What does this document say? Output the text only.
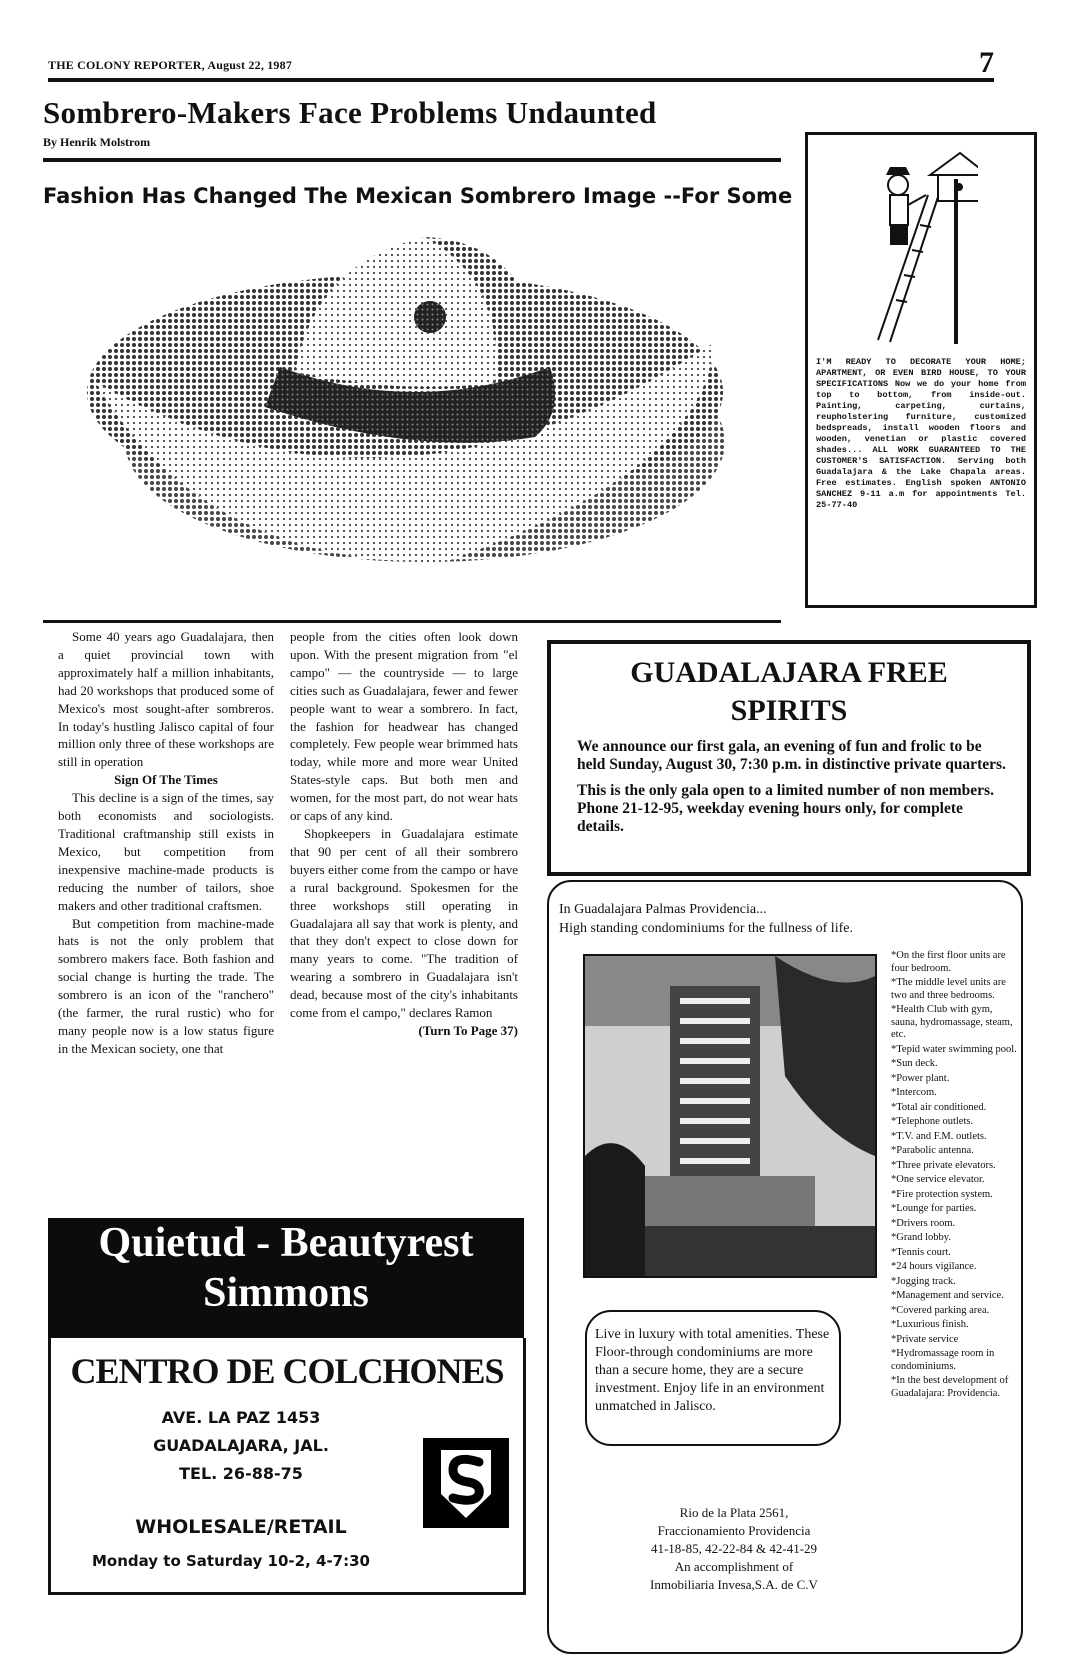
THE COLONY REPORTER, August 22, 1987	7
Sombrero-Makers Face Problems Undaunted
By Henrik Molstrom
Fashion Has Changed The Mexican Sombrero Image --For Some
I'M READY TO DECORATE YOUR HOME; APARTMENT, OR EVEN BIRD HOUSE, TO YOUR SPECIFICATIONS Now we do your home from top to bottom, from inside-out. Painting, carpeting, curtains, reupholstering furniture, customized bedspreads, install wooden floors and wooden, venetian or plastic covered shades... ALL WORK GUARANTEED TO THE CUSTOMER'S SATISFACTION. Serving both Guadalajara & the Lake Chapala areas. Free estimates. English spoken ANTONIO SANCHEZ 9-11 a.m for appointments Tel. 25-77-40

Some 40 years ago Guadalajara, then a quiet provincial town with approximately half a million inhabitants, had 20 workshops that produced some of Mexico's most sought-after sombreros. In today's hustling Jalisco capital of four million only three of these workshops are still in operation

Sign Of The Times

This decline is a sign of the times, say both economists and sociologists. Traditional craftmanship still exists in Mexico, but competition from inexpensive machine-made products is reducing the number of tailors, shoe makers and other traditional craftsmen.

But competition from machine-made hats is not the only problem that sombrero makers face. Both fashion and social change is hurting the trade. The sombrero is an icon of the "ranchero" (the farmer, the rural rustic) who for many people now is a low status figure in the Mexican society, one that

people from the cities often look down upon. With the present migration from "el campo" — the countryside — to large cities such as Guadalajara, fewer and fewer people want to wear a sombrero. In fact, the fashion for headwear has changed completely. Few people wear brimmed hats today, while more and more wear United States-style caps. But both men and women, for the most part, do not wear hats or caps of any kind.

Shopkeepers in Guadalajara estimate that 90 per cent of all their sombrero buyers either come from the campo or have a rural background. Spokesmen for the three workshops still operating in Guadalajara all say that work is plenty, and that they don't expect to close down for many years to come. "The tradition of wearing a sombrero in Guadalajara isn't dead, because most of the city's inhabitants come from el campo," declares Ramon

(Turn To Page 37)

GUADALAJARA FREE
SPIRITS

We announce our first gala, an evening of fun and frolic to be held Sunday, August 30, 7:30 p.m. in distinctive private quarters.

This is the only gala open to a limited number of non members. Phone 21-12-95, weekday evening hours only, for complete details.

In Guadalajara Palmas Providencia...
High standing condominiums for the fullness of life.
*On the first floor units are four bedroom.
*The middle level units are two and three bedrooms.
*Health Club with gym, sauna, hydromassage, steam, etc.
*Tepid water swimming pool.
*Sun deck.
*Power plant.
*Intercom.
*Total air conditioned.
*Telephone outlets.
*T.V. and F.M. outlets.
*Parabolic antenna.
*Three private elevators.
*One service elevator.
*Fire protection system.
*Lounge for parties.
*Drivers room.
*Grand lobby.
*Tennis court.
*24 hours vigilance.
*Jogging track.
*Management and service.
*Covered parking area.
*Luxurious finish.
*Private service
*Hydromassage room in condominiums.
*In the best development of Guadalajara: Providencia.
Live in luxury with total amenities. These Floor-through condominiums are more than a secure home, they are a secure investment. Enjoy life in an environment unmatched in Jalisco.
Rio de la Plata 2561,
Fraccionamiento Providencia
41-18-85, 42-22-84 & 42-41-29
An accomplishment of
Inmobiliaria Invesa,S.A. de C.V
Quietud - Beautyrest
Simmons
CENTRO DE COLCHONES
AVE. LA PAZ 1453
GUADALAJARA, JAL.
TEL. 26-88-75
WHOLESALE/RETAIL
Monday to Saturday 10-2, 4-7:30
